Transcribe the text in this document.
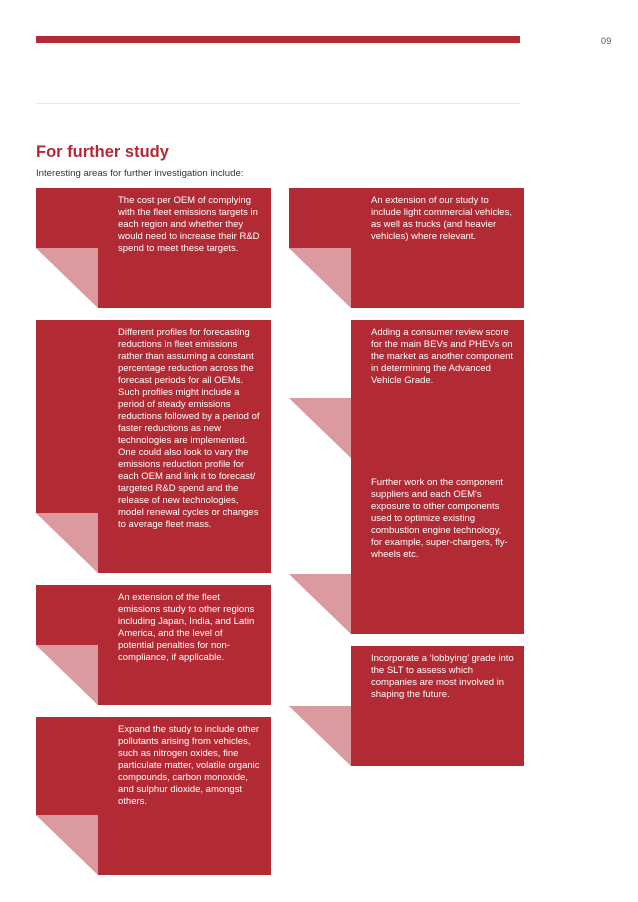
09
For further study
Interesting areas for further investigation include:
The cost per OEM of complying with the fleet emissions targets in each region and whether they would need to increase their R&D spend to meet these targets.
Different profiles for forecasting reductions in fleet emissions rather than assuming a constant percentage reduction across the forecast periods for all OEMs. Such profiles might include a period of steady emissions reductions followed by a period of faster reductions as new technologies are implemented. One could also look to vary the emissions reduction profile for each OEM and link it to forecast/ targeted R&D spend and the release of new technologies, model renewal cycles or changes to average fleet mass.
An extension of the fleet emissions study to other regions including Japan, India, and Latin America, and the level of potential penalties for non-compliance, if applicable.
Expand the study to include other pollutants arising from vehicles, such as nitrogen oxides, fine particulate matter, volatile organic compounds, carbon monoxide, and sulphur dioxide, amongst others.
An extension of our study to include light commercial vehicles, as well as trucks (and heavier vehicles) where relevant.
Adding a consumer review score for the main BEVs and PHEVs on the market as another component in determining the Advanced Vehicle Grade.
Further work on the component suppliers and each OEM's exposure to other components used to optimize existing combustion engine technology, for example, super-chargers, fly-wheels etc.
Incorporate a ‘lobbying’ grade into the SLT to assess which companies are most involved in shaping the future.
